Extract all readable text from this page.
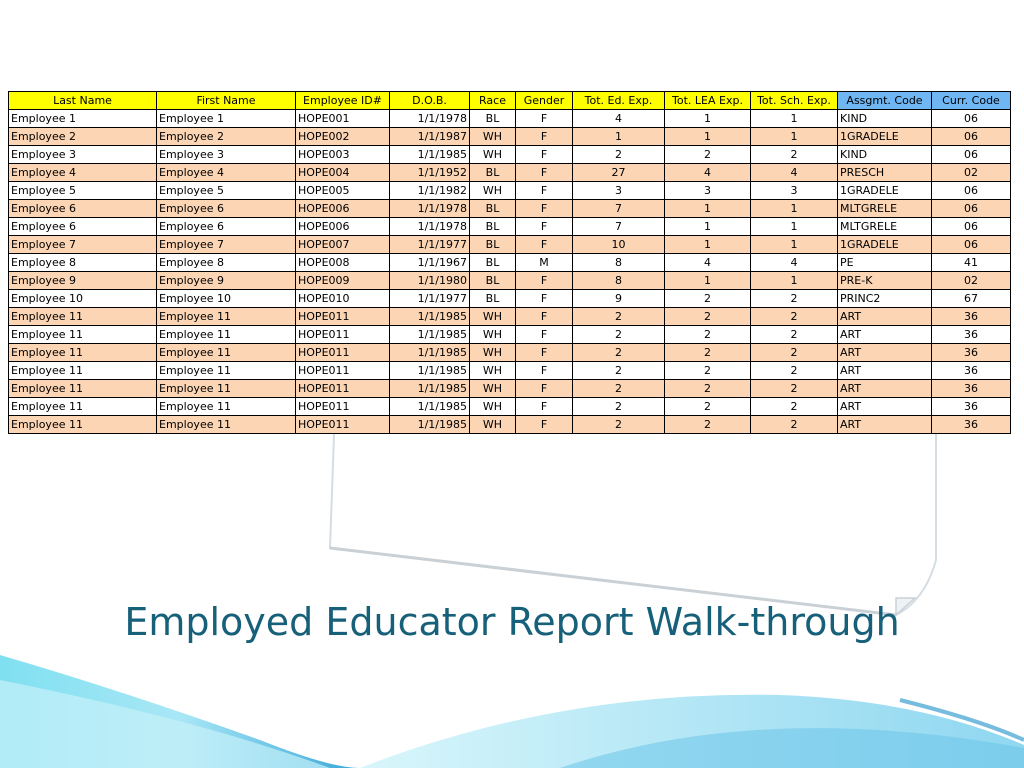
Last Name	First Name	Employee ID#	D.O.B.	Race	Gender	Tot. Ed. Exp.	Tot. LEA Exp.	Tot. Sch. Exp.	Assgmt. Code	Curr. Code
Employee 1	Employee 1	HOPE001	1/1/1978	BL	F	4	1	1	KIND	06
Employee 2	Employee 2	HOPE002	1/1/1987	WH	F	1	1	1	1GRADELE	06
Employee 3	Employee 3	HOPE003	1/1/1985	WH	F	2	2	2	KIND	06
Employee 4	Employee 4	HOPE004	1/1/1952	BL	F	27	4	4	PRESCH	02
Employee 5	Employee 5	HOPE005	1/1/1982	WH	F	3	3	3	1GRADELE	06
Employee 6	Employee 6	HOPE006	1/1/1978	BL	F	7	1	1	MLTGRELE	06
Employee 6	Employee 6	HOPE006	1/1/1978	BL	F	7	1	1	MLTGRELE	06
Employee 7	Employee 7	HOPE007	1/1/1977	BL	F	10	1	1	1GRADELE	06
Employee 8	Employee 8	HOPE008	1/1/1967	BL	M	8	4	4	PE	41
Employee 9	Employee 9	HOPE009	1/1/1980	BL	F	8	1	1	PRE-K	02
Employee 10	Employee 10	HOPE010	1/1/1977	BL	F	9	2	2	PRINC2	67
Employee 11	Employee 11	HOPE011	1/1/1985	WH	F	2	2	2	ART	36
Employee 11	Employee 11	HOPE011	1/1/1985	WH	F	2	2	2	ART	36
Employee 11	Employee 11	HOPE011	1/1/1985	WH	F	2	2	2	ART	36
Employee 11	Employee 11	HOPE011	1/1/1985	WH	F	2	2	2	ART	36
Employee 11	Employee 11	HOPE011	1/1/1985	WH	F	2	2	2	ART	36
Employee 11	Employee 11	HOPE011	1/1/1985	WH	F	2	2	2	ART	36
Employee 11	Employee 11	HOPE011	1/1/1985	WH	F	2	2	2	ART	36
Employed Educator Report Walk-through
